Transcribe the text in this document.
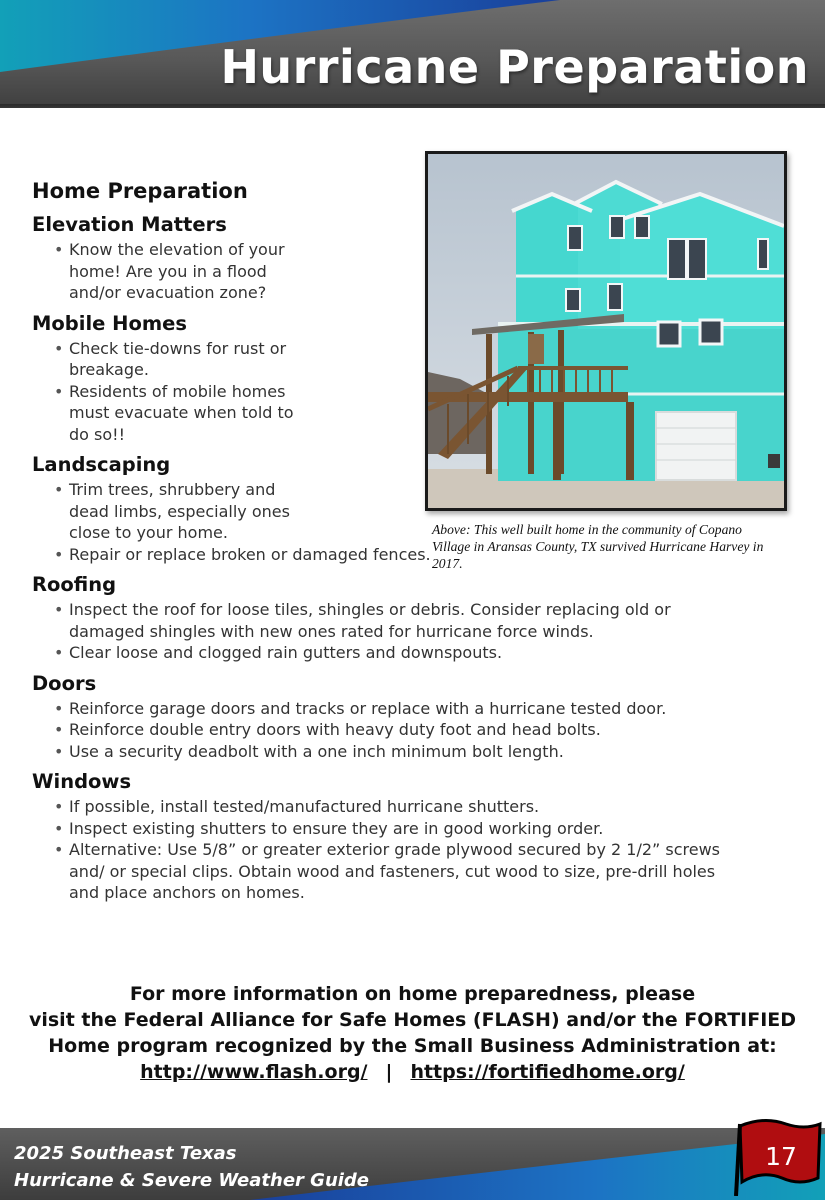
Hurricane Preparation
Above: This well built home in the community of Copano Village in Aransas County, TX survived Hurricane Harvey in 2017.
Home Preparation
Elevation Matters
• Know the elevation of your home! Are you in a flood and/or evacuation zone?
Mobile Homes
• Check tie-downs for rust or breakage.
• Residents of mobile homes must evacuate when told to do so!!
Landscaping
• Trim trees, shrubbery and dead limbs, especially ones close to your home.
• Repair or replace broken or damaged fences.
Roofing
• Inspect the roof for loose tiles, shingles or debris. Consider replacing old or damaged shingles with new ones rated for hurricane force winds.
• Clear loose and clogged rain gutters and downspouts.
Doors
• Reinforce garage doors and tracks or replace with a hurricane tested door.
• Reinforce double entry doors with heavy duty foot and head bolts.
• Use a security deadbolt with a one inch minimum bolt length.
Windows
• If possible, install tested/manufactured hurricane shutters.
• Inspect existing shutters to ensure they are in good working order.
• Alternative: Use 5/8” or greater exterior grade plywood secured by 2 1/2” screws and/ or special clips. Obtain wood and fasteners, cut wood to size, pre-drill holes and place anchors on homes.
For more information on home preparedness, please
visit the Federal Alliance for Safe Homes (FLASH) and/or the FORTIFIED
Home program recognized by the Small Business Administration at:
http://www.flash.org/ | https://fortifiedhome.org/
2025 Southeast Texas
Hurricane & Severe Weather Guide
17
